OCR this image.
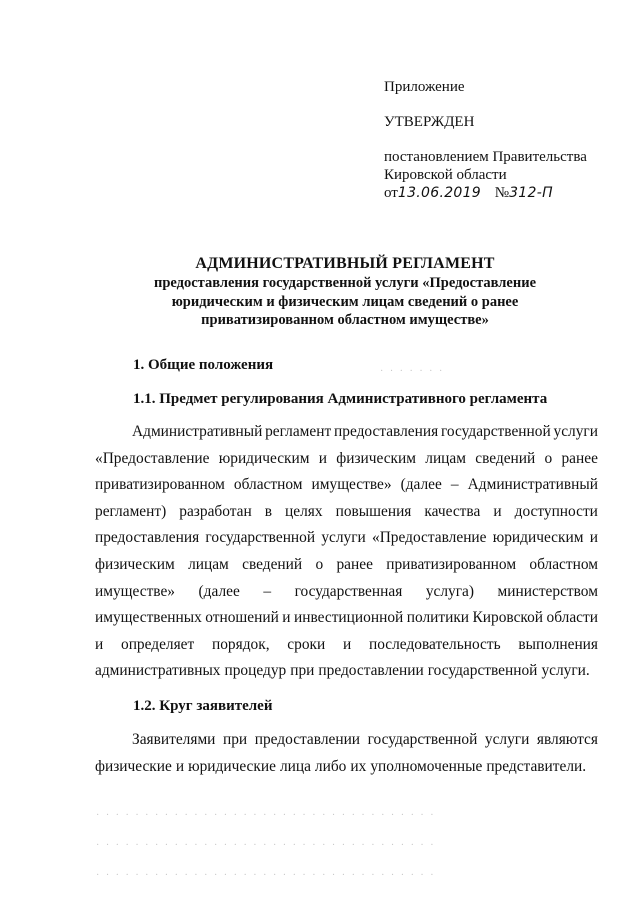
Приложение
УТВЕРЖДЕН
постановлением Правительства
Кировской области
от13.06.2019 №312-П
АДМИНИСТРАТИВНЫЙ РЕГЛАМЕНТ
предоставления государственной услуги «Предоставление
юридическим и физическим лицам сведений о ранее
приватизированном областном имуществе»
1. Общие положения
1.1. Предмет регулирования Административного регламента
Административный регламент предоставления государственной услуги
«Предоставление юридическим и физическим лицам сведений о ранее
приватизированном областном имуществе» (далее – Административный
регламент) разработан в целях повышения качества и доступности
предоставления государственной услуги «Предоставление юридическим и
физическим лицам сведений о ранее приватизированном областном
имуществе» (далее – государственная услуга) министерством
имущественных отношений и инвестиционной политики Кировской области
и определяет порядок, сроки и последовательность выполнения
административных процедур при предоставлении государственной услуги.
1.2. Круг заявителей
Заявителями при предоставлении государственной услуги являются
физические и юридические лица либо их уполномоченные представители.
· · · · · · ·
· · · · · · · · · · · · · · · · · · · · · · · · · · · · · · · · · · ·
· · · · · · · · · · · · · · · · · · · · · · · · · · · · · · · · · · ·
· · · · · · · · · · · · · · · · · · · · · · · · · · · · · · · · · · ·
